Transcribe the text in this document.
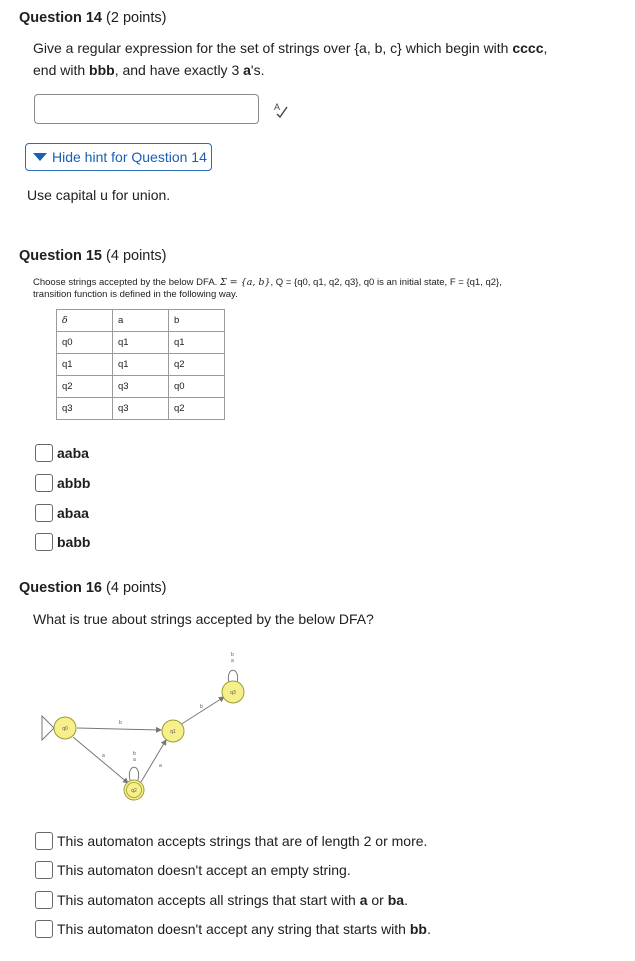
Question 14 (2 points)
Give a regular expression for the set of strings over {a, b, c} which begin with cccc,
end with bbb, and have exactly 3 a's.
A
Hide hint for Question 14
Use capital u for union.
Question 15 (4 points)
Choose strings accepted by the below DFA. Σ = {a, b}, Q = {q0, q1, q2, q3}, q0 is an initial state, F = {q1, q2},
transition function is defined in the following way.
δ	a	b
q0	q1	q1
q1	q1	q2
q2	q3	q0
q3	q3	q2
aaba
abbb
abaa
babb
Question 16 (4 points)
What is true about strings accepted by the below DFA?
q0	q1
q2
q3
b
a	b
a
a
b
b
a
This automaton accepts strings that are of length 2 or more.
This automaton doesn't accept an empty string.
This automaton accepts all strings that start with a or ba.
This automaton doesn't accept any string that starts with bb.
